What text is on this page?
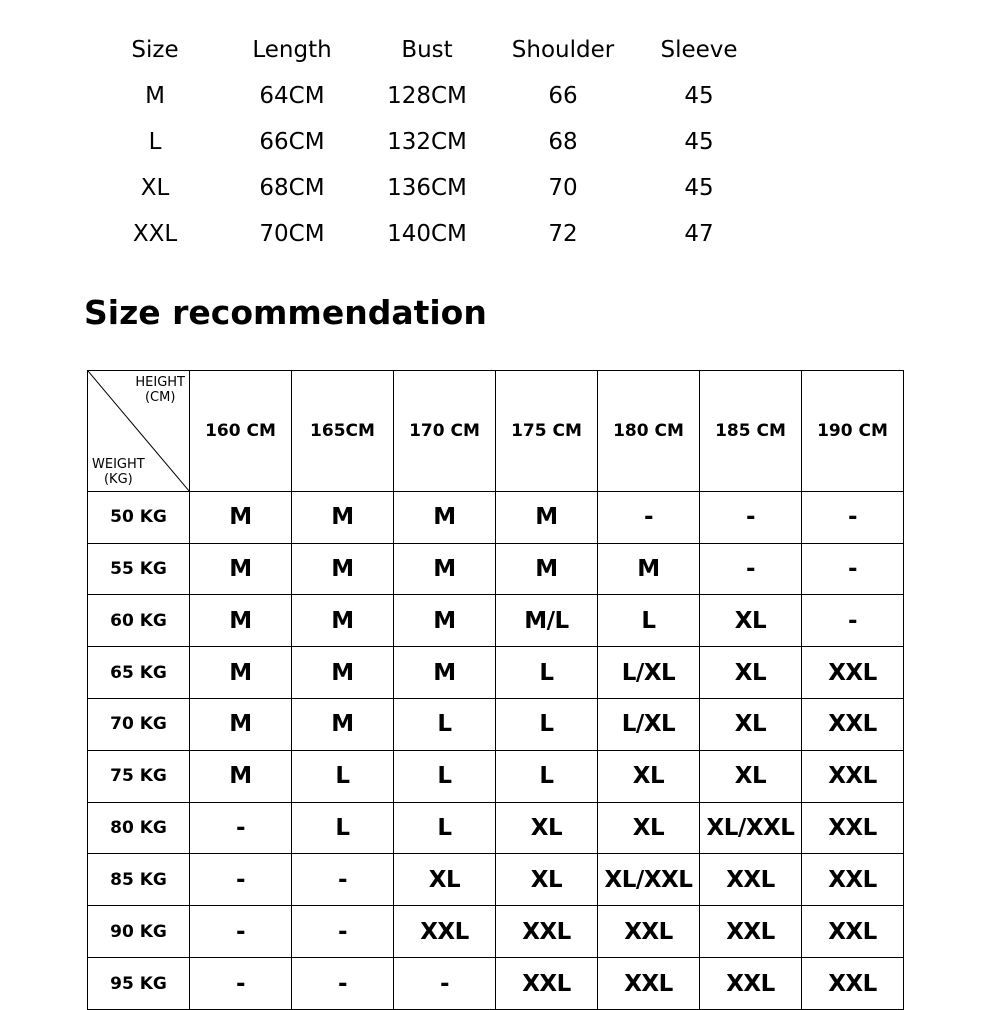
Size	Length	Bust	Shoulder	Sleeve
M	64CM	128CM	66	45
L	66CM	132CM	68	45
XL	68CM	136CM	70	45
XXL	70CM	140CM	72	47
Size recommendation
HEIGHT
(CM)
WEIGHT
(KG)	160 CM	165CM	170 CM	175 CM	180 CM	185 CM	190 CM
50 KG	M	M	M	M	-	-	-
55 KG	M	M	M	M	M	-	-
60 KG	M	M	M	M/L	L	XL	-
65 KG	M	M	M	L	L/XL	XL	XXL
70 KG	M	M	L	L	L/XL	XL	XXL
75 KG	M	L	L	L	XL	XL	XXL
80 KG	-	L	L	XL	XL	XL/XXL	XXL
85 KG	-	-	XL	XL	XL/XXL	XXL	XXL
90 KG	-	-	XXL	XXL	XXL	XXL	XXL
95 KG	-	-	-	XXL	XXL	XXL	XXL
